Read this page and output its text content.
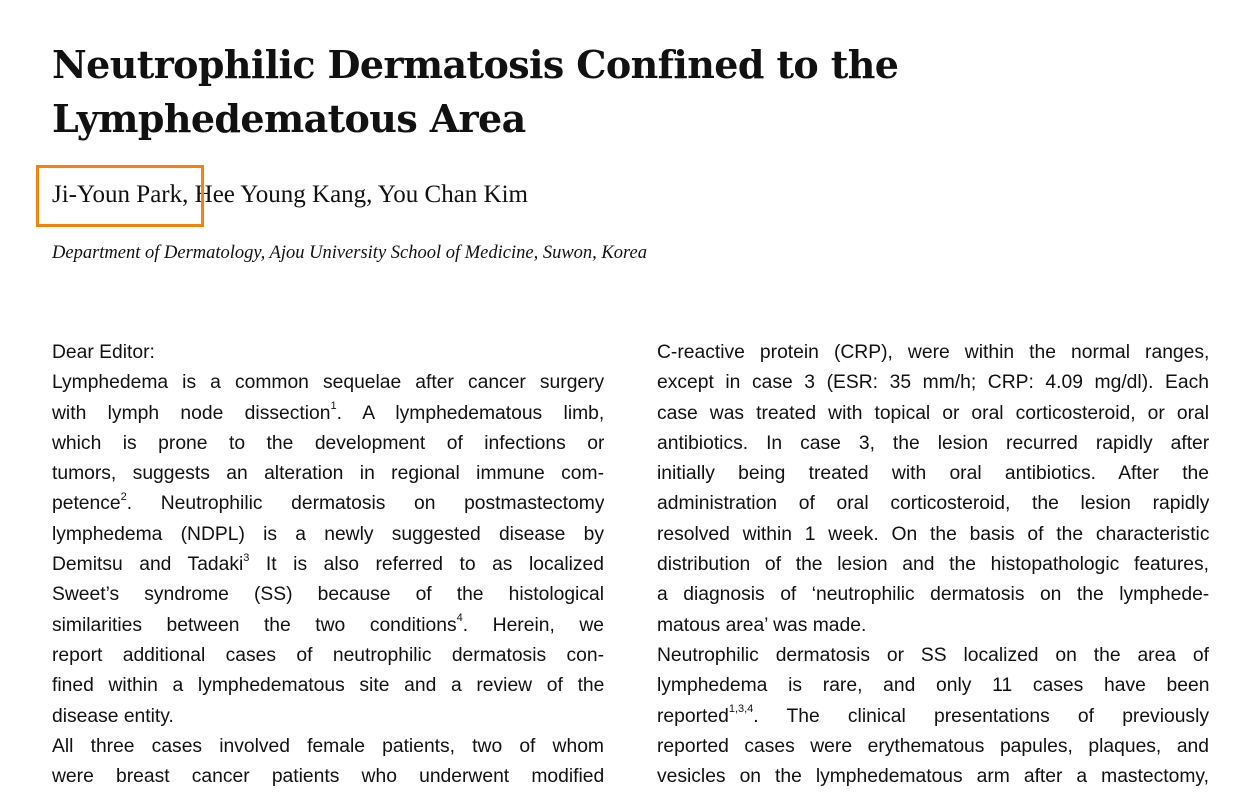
Neutrophilic Dermatosis Confined to the
Lymphedematous Area
Ji-Youn Park, Hee Young Kang, You Chan Kim
Department of Dermatology, Ajou University School of Medicine, Suwon, Korea
Dear Editor:
Lymphedema is a common sequelae after cancer surgery
with lymph node dissection$^1$. A lymphedematous limb,
which is prone to the development of infections or
tumors, suggests an alteration in regional immune com-
petence$^2$. Neutrophilic dermatosis on postmastectomy
lymphedema (NDPL) is a newly suggested disease by
Demitsu and Tadaki$^3$ It is also referred to as localized
Sweet’s syndrome (SS) because of the histological
similarities between the two conditions$^4$. Herein, we
report additional cases of neutrophilic dermatosis con-
fined within a lymphedematous site and a review of the
disease entity.
All three cases involved female patients, two of whom
were breast cancer patients who underwent modified
C-reactive protein (CRP), were within the normal ranges,
except in case 3 (ESR: 35 mm/h; CRP: 4.09 mg/dl). Each
case was treated with topical or oral corticosteroid, or oral
antibiotics. In case 3, the lesion recurred rapidly after
initially being treated with oral antibiotics. After the
administration of oral corticosteroid, the lesion rapidly
resolved within 1 week. On the basis of the characteristic
distribution of the lesion and the histopathologic features,
a diagnosis of ‘neutrophilic dermatosis on the lymphede-
matous area’ was made.
Neutrophilic dermatosis or SS localized on the area of
lymphedema is rare, and only 11 cases have been
reported$^{1,3,4}$. The clinical presentations of previously
reported cases were erythematous papules, plaques, and
vesicles on the lymphedematous arm after a mastectomy,
